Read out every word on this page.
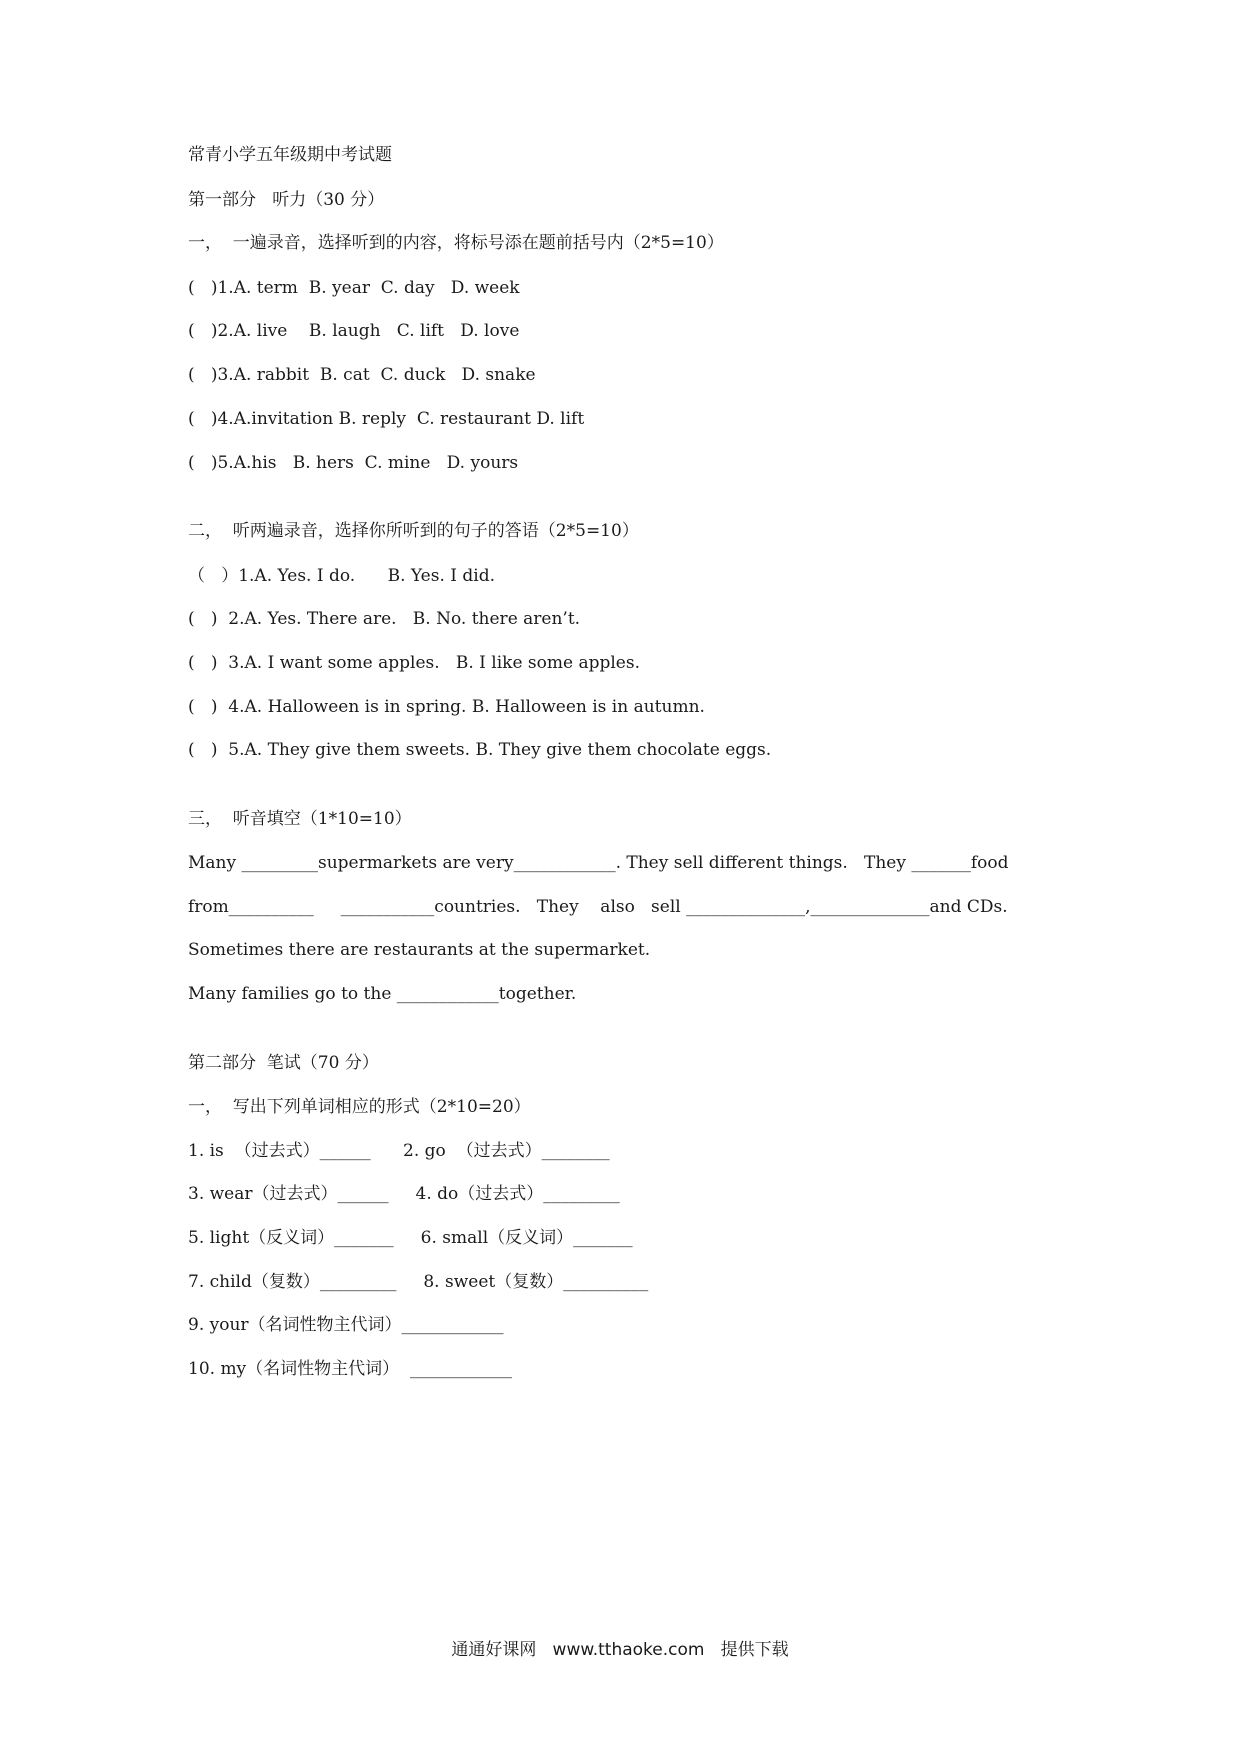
常青小学五年级期中考试题
第一部分   听力（30 分）
一，  一遍录音，选择听到的内容，将标号添在题前括号内（2*5=10）
(   )1.A. term  B. year  C. day   D. week
(   )2.A. live    B. laugh   C. lift   D. love
(   )3.A. rabbit  B. cat  C. duck   D. snake
(   )4.A.invitation B. reply  C. restaurant D. lift
(   )5.A.his   B. hers  C. mine   D. yours
二，  听两遍录音，选择你所听到的句子的答语（2*5=10）
（   ）1.A. Yes. I do.      B. Yes. I did.
(   )  2.A. Yes. There are.   B. No. there aren’t.
(   )  3.A. I want some apples.   B. I like some apples.
(   )  4.A. Halloween is in spring. B. Halloween is in autumn.
(   )  5.A. They give them sweets. B. They give them chocolate eggs.
三，  听音填空（1*10=10）
Many _________supermarkets are very____________. They sell different things.   They _______food
from__________     ___________countries.   They    also   sell ______________,______________and CDs.
Sometimes there are restaurants at the supermarket.
Many families go to the ____________together.
第二部分  笔试（70 分）
一，  写出下列单词相应的形式（2*10=20）
1. is  （过去式）______      2. go  （过去式）________
3. wear（过去式）______     4. do（过去式）_________
5. light（反义词）_______     6. small（反义词）_______
7. child（复数）_________     8. sweet（复数）__________
9. your（名词性物主代词）____________
10. my（名词性物主代词）  ____________
通通好课网   www.tthaoke.com   提供下载
